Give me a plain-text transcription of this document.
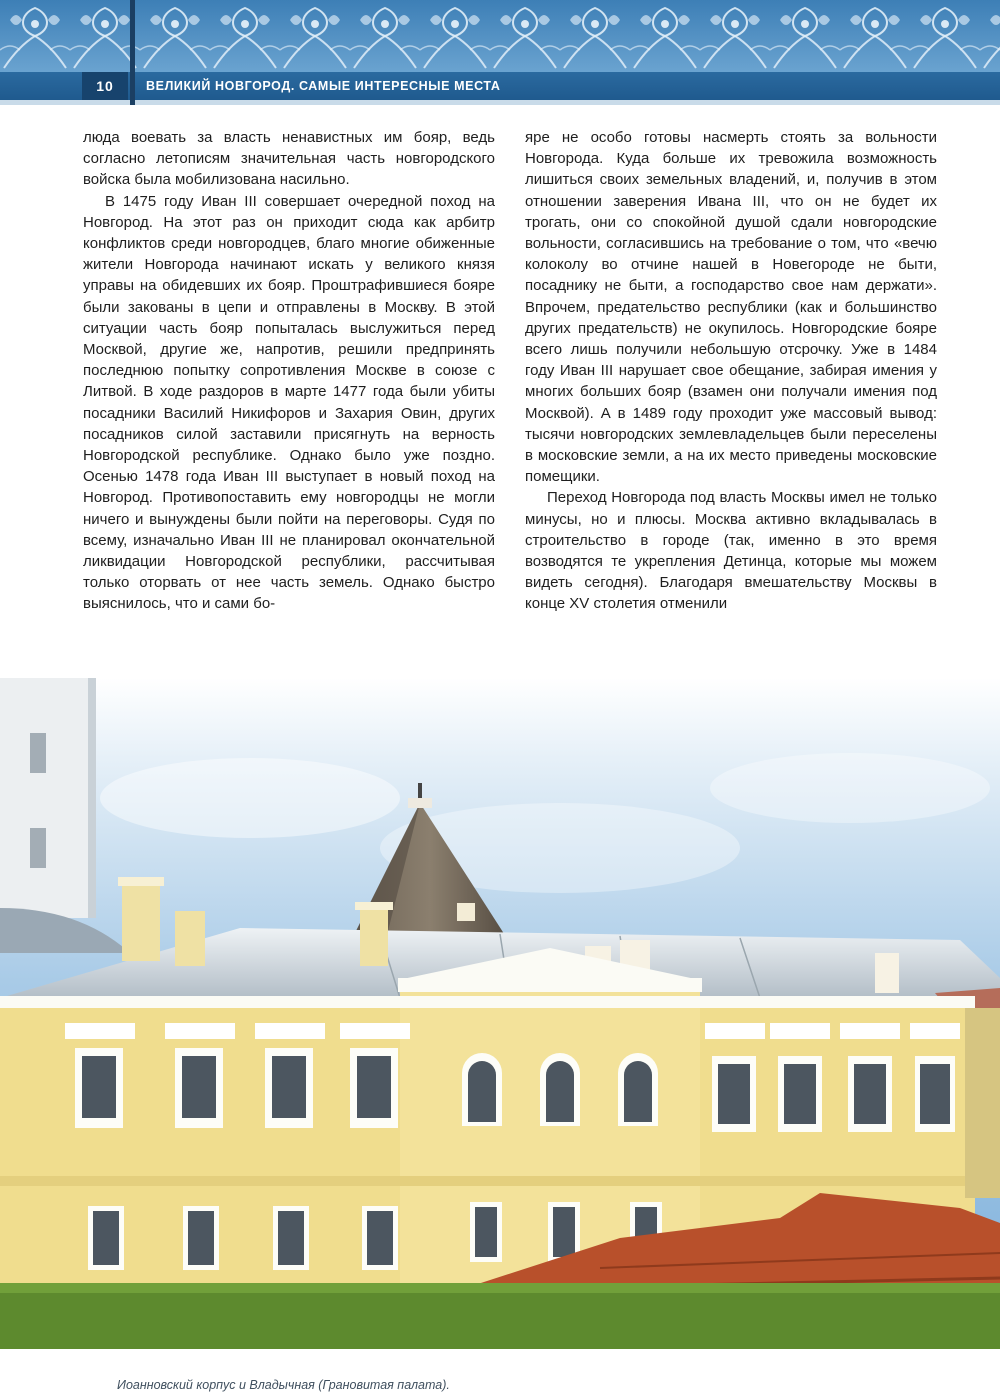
10	ВЕЛИКИЙ НОВГОРОД. САМЫЕ ИНТЕРЕСНЫЕ МЕСТА

люда воевать за власть ненавистных им бояр, ведь согласно летописям значительная часть новгородского войска была мобилизована насильно.

В 1475 году Иван III совершает очередной поход на Новгород. На этот раз он приходит сюда как арбитр конфликтов среди новгородцев, благо многие обиженные жители Новгорода начинают искать у великого князя управы на обидевших их бояр. Проштрафившиеся бояре были закованы в цепи и отправлены в Москву. В этой ситуации часть бояр попыталась выслужиться перед Москвой, другие же, напротив, решили предпринять последнюю попытку сопротивления Москве в союзе с Литвой. В ходе раздоров в марте 1477 года были убиты посадники Василий Никифоров и Захария Овин, других посадников силой заставили присягнуть на верность Новгородской республике. Однако было уже поздно. Осенью 1478 года Иван III выступает в новый поход на Новгород. Противопоставить ему новгородцы не могли ничего и вынуждены были пойти на переговоры. Судя по всему, изначально Иван III не планировал окончательной ликвидации Новгородской республики, рассчитывая только оторвать от нее часть земель. Однако быстро выяснилось, что и сами бо-

яре не особо готовы насмерть стоять за вольности Новгорода. Куда больше их тревожила возможность лишиться своих земельных владений, и, получив в этом отношении заверения Ивана III, что он не будет их трогать, они со спокойной душой сдали новгородские вольности, согласившись на требование о том, что «вечю колоколу во отчине нашей в Новегороде не быти, посаднику не быти, а господарство свое нам держати». Впрочем, предательство республики (как и большинство других предательств) не окупилось. Новгородские бояре всего лишь получили небольшую отсрочку. Уже в 1484 году Иван III нарушает свое обещание, забирая имения у многих больших бояр (взамен они получали имения под Москвой). А в 1489 году проходит уже массовый вывод: тысячи новгородских землевладельцев были переселены в московские земли, а на их место приведены московские помещики.

Переход Новгорода под власть Москвы имел не только минусы, но и плюсы. Москва активно вкладывалась в строительство в городе (так, именно в это время возводятся те укрепления Детинца, которые мы можем видеть сегодня). Благодаря вмешательству Москвы в конце XV столетия отменили

Иоанновский корпус и Владычная (Грановитая палата).
